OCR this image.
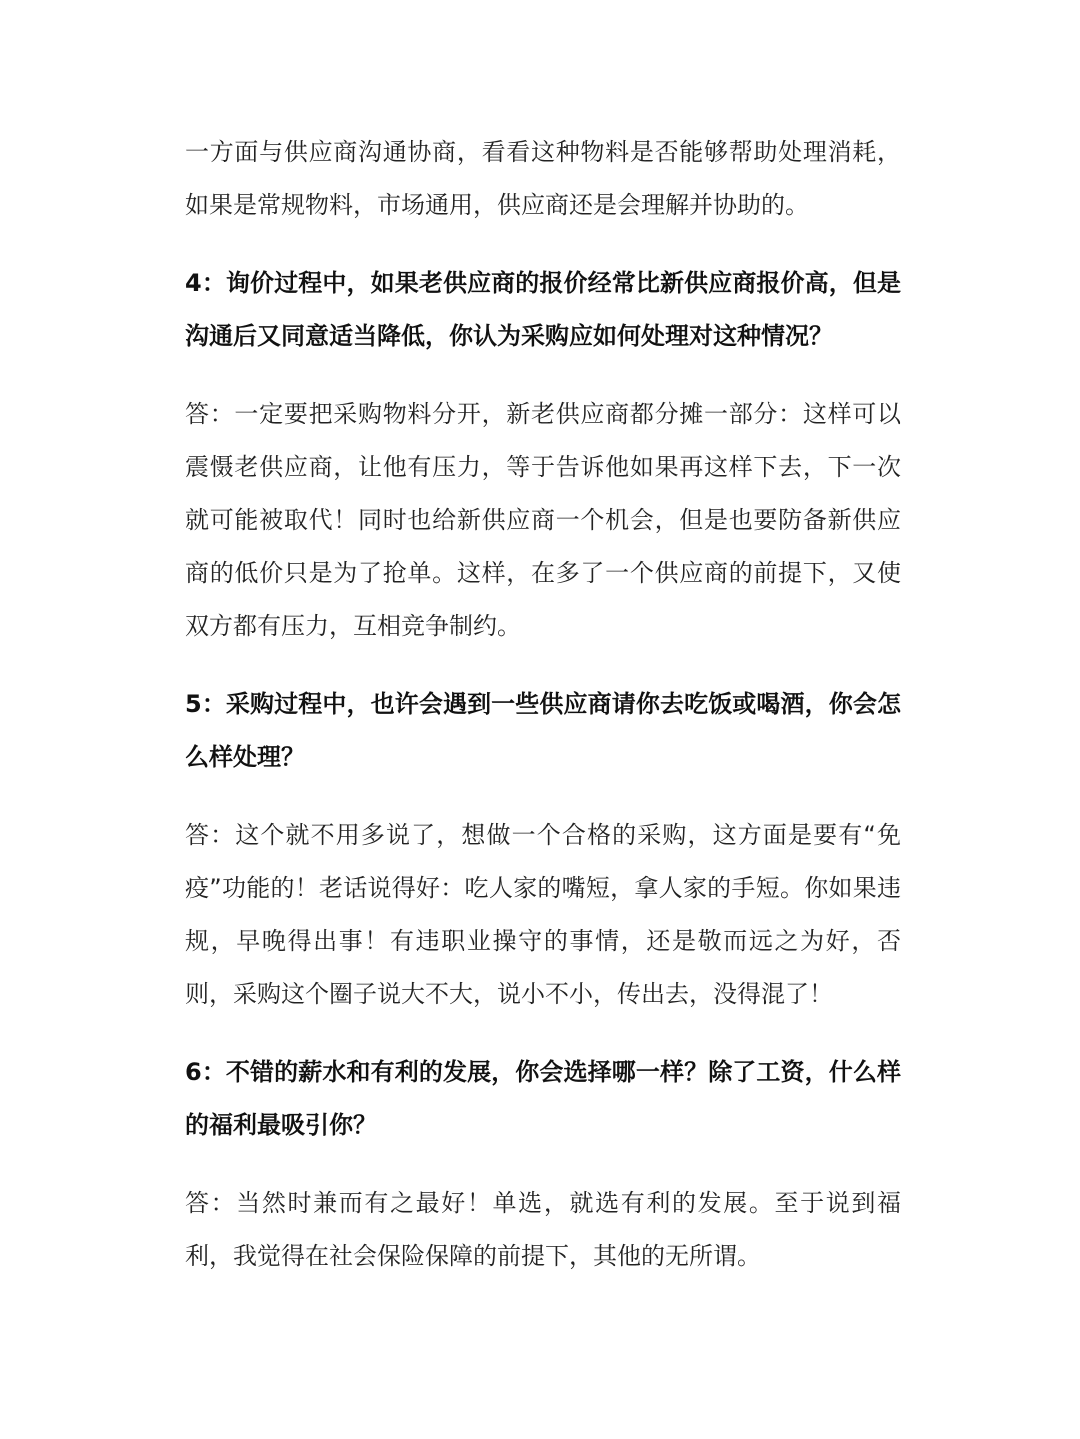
一方面与供应商沟通协商，看看这种物料是否能够帮助处理消耗，如果是常规物料，市场通用，供应商还是会理解并协助的。

4：询价过程中，如果老供应商的报价经常比新供应商报价高，但是沟通后又同意适当降低，你认为采购应如何处理对这种情况？

答：一定要把采购物料分开，新老供应商都分摊一部分：这样可以震慑老供应商，让他有压力，等于告诉他如果再这样下去，下一次就可能被取代！同时也给新供应商一个机会，但是也要防备新供应商的低价只是为了抢单。这样，在多了一个供应商的前提下，又使双方都有压力，互相竞争制约。

5：采购过程中，也许会遇到一些供应商请你去吃饭或喝酒，你会怎么样处理？

答：这个就不用多说了，想做一个合格的采购，这方面是要有“免疫”功能的！老话说得好：吃人家的嘴短，拿人家的手短。你如果违规，早晚得出事！有违职业操守的事情，还是敬而远之为好，否则，采购这个圈子说大不大，说小不小，传出去，没得混了！

6：不错的薪水和有利的发展，你会选择哪一样？除了工资，什么样的福利最吸引你？

答：当然时兼而有之最好！单选，就选有利的发展。至于说到福利，我觉得在社会保险保障的前提下，其他的无所谓。
